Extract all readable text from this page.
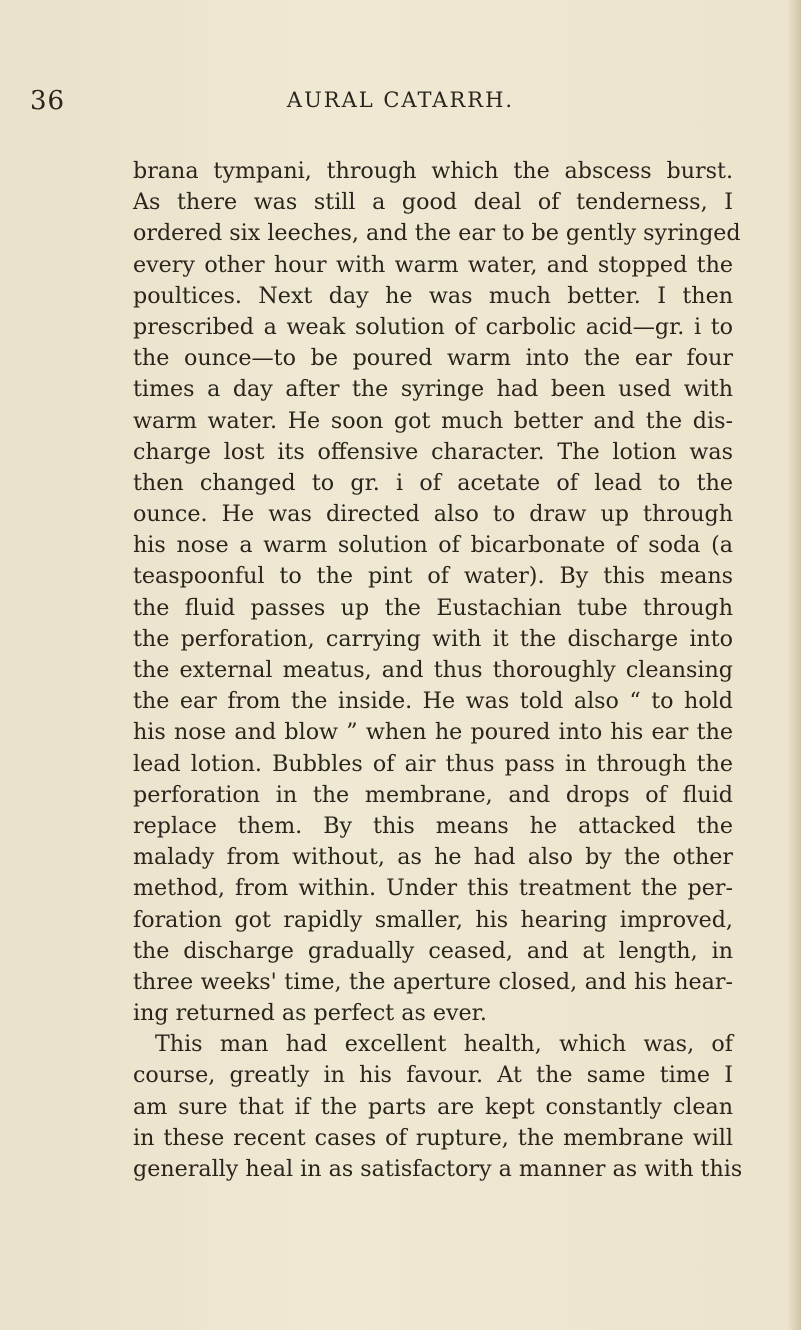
36	AURAL CATARRH.
brana tympani, through which the abscess burst.
As there was still a good deal of tenderness, I
ordered six leeches, and the ear to be gently syringed
every other hour with warm water, and stopped the
poultices. Next day he was much better. I then
prescribed a weak solution of carbolic acid—gr. i to
the ounce—to be poured warm into the ear four
times a day after the syringe had been used with
warm water. He soon got much better and the dis-
charge lost its offensive character. The lotion was
then changed to gr. i of acetate of lead to the
ounce. He was directed also to draw up through
his nose a warm solution of bicarbonate of soda (a
teaspoonful to the pint of water). By this means
the fluid passes up the Eustachian tube through
the perforation, carrying with it the discharge into
the external meatus, and thus thoroughly cleansing
the ear from the inside. He was told also “ to hold
his nose and blow ” when he poured into his ear the
lead lotion. Bubbles of air thus pass in through the
perforation in the membrane, and drops of fluid
replace them. By this means he attacked the
malady from without, as he had also by the other
method, from within. Under this treatment the per-
foration got rapidly smaller, his hearing improved,
the discharge gradually ceased, and at length, in
three weeks' time, the aperture closed, and his hear-
ing returned as perfect as ever.
This man had excellent health, which was, of
course, greatly in his favour. At the same time I
am sure that if the parts are kept constantly clean
in these recent cases of rupture, the membrane will
generally heal in as satisfactory a manner as with this
